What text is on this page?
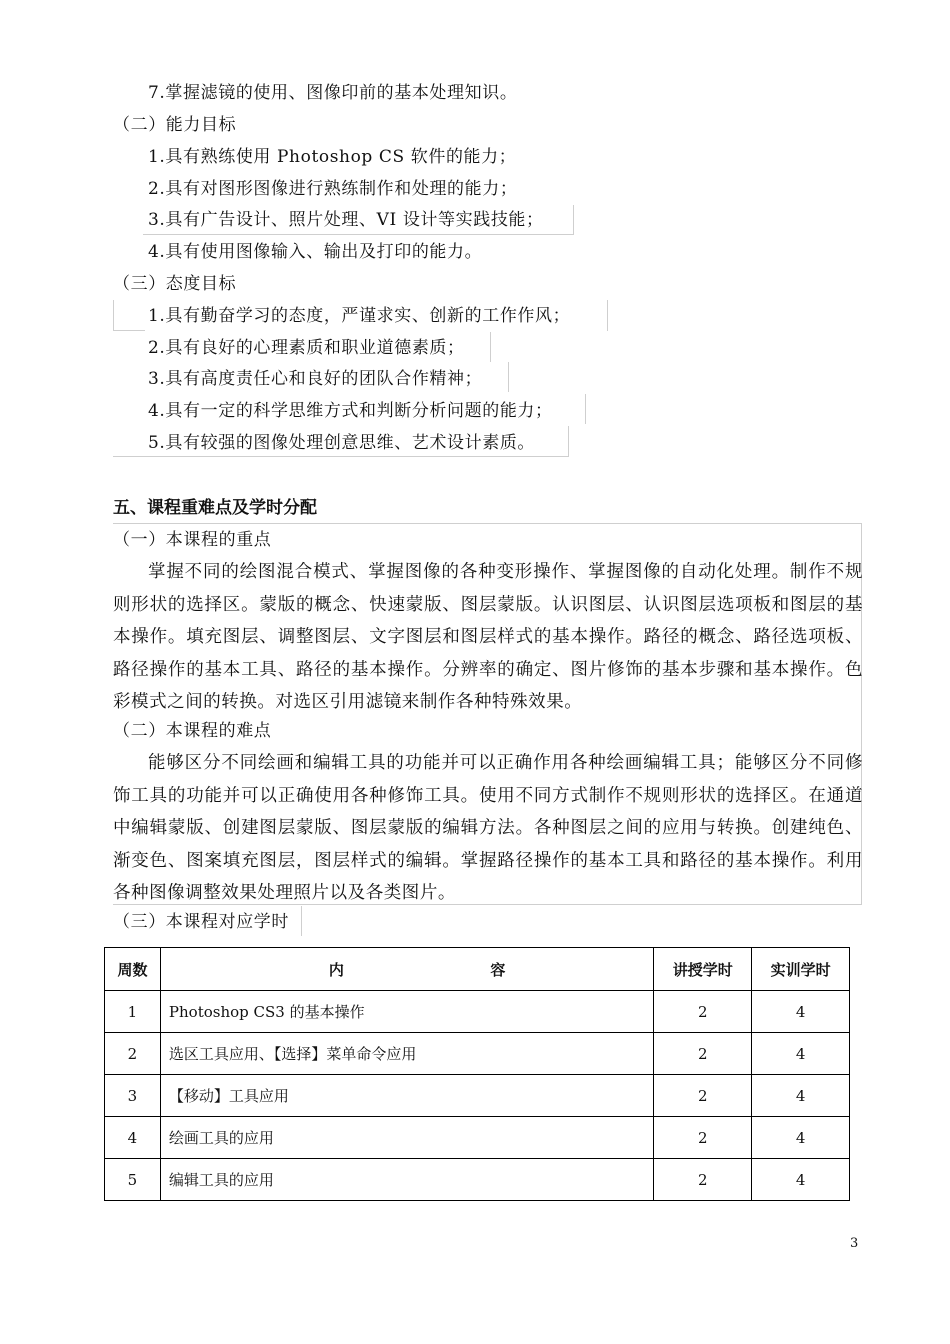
7.掌握滤镜的使用、图像印前的基本处理知识。
（二）能力目标
1.具有熟练使用 Photoshop CS 软件的能力；
2.具有对图形图像进行熟练制作和处理的能力；
3.具有广告设计、照片处理、VI 设计等实践技能；
4.具有使用图像输入、输出及打印的能力。
（三）态度目标
1.具有勤奋学习的态度，严谨求实、创新的工作作风；
2.具有良好的心理素质和职业道德素质；
3.具有高度责任心和良好的团队合作精神；
4.具有一定的科学思维方式和判断分析问题的能力；
5.具有较强的图像处理创意思维、艺术设计素质。
五、课程重难点及学时分配
（一）本课程的重点
掌握不同的绘图混合模式、掌握图像的各种变形操作、掌握图像的自动化处理。制作不规则形状的选择区。蒙版的概念、快速蒙版、图层蒙版。认识图层、认识图层选项板和图层的基本操作。填充图层、调整图层、文字图层和图层样式的基本操作。路径的概念、路径选项板、路径操作的基本工具、路径的基本操作。分辨率的确定、图片修饰的基本步骤和基本操作。色彩模式之间的转换。对选区引用滤镜来制作各种特殊效果。
（二）本课程的难点
能够区分不同绘画和编辑工具的功能并可以正确作用各种绘画编辑工具；能够区分不同修饰工具的功能并可以正确使用各种修饰工具。使用不同方式制作不规则形状的选择区。在通道中编辑蒙版、创建图层蒙版、图层蒙版的编辑方法。各种图层之间的应用与转换。创建纯色、渐变色、图案填充图层，图层样式的编辑。掌握路径操作的基本工具和路径的基本操作。利用各种图像调整效果处理照片以及各类图片。
（三）本课程对应学时
周数	内 容	讲授学时	实训学时
1	Photoshop CS3 的基本操作	2	4
2	选区工具应用、【选择】菜单命令应用	2	4
3	【移动】工具应用	2	4
4	绘画工具的应用	2	4
5	编辑工具的应用	2	4
3
